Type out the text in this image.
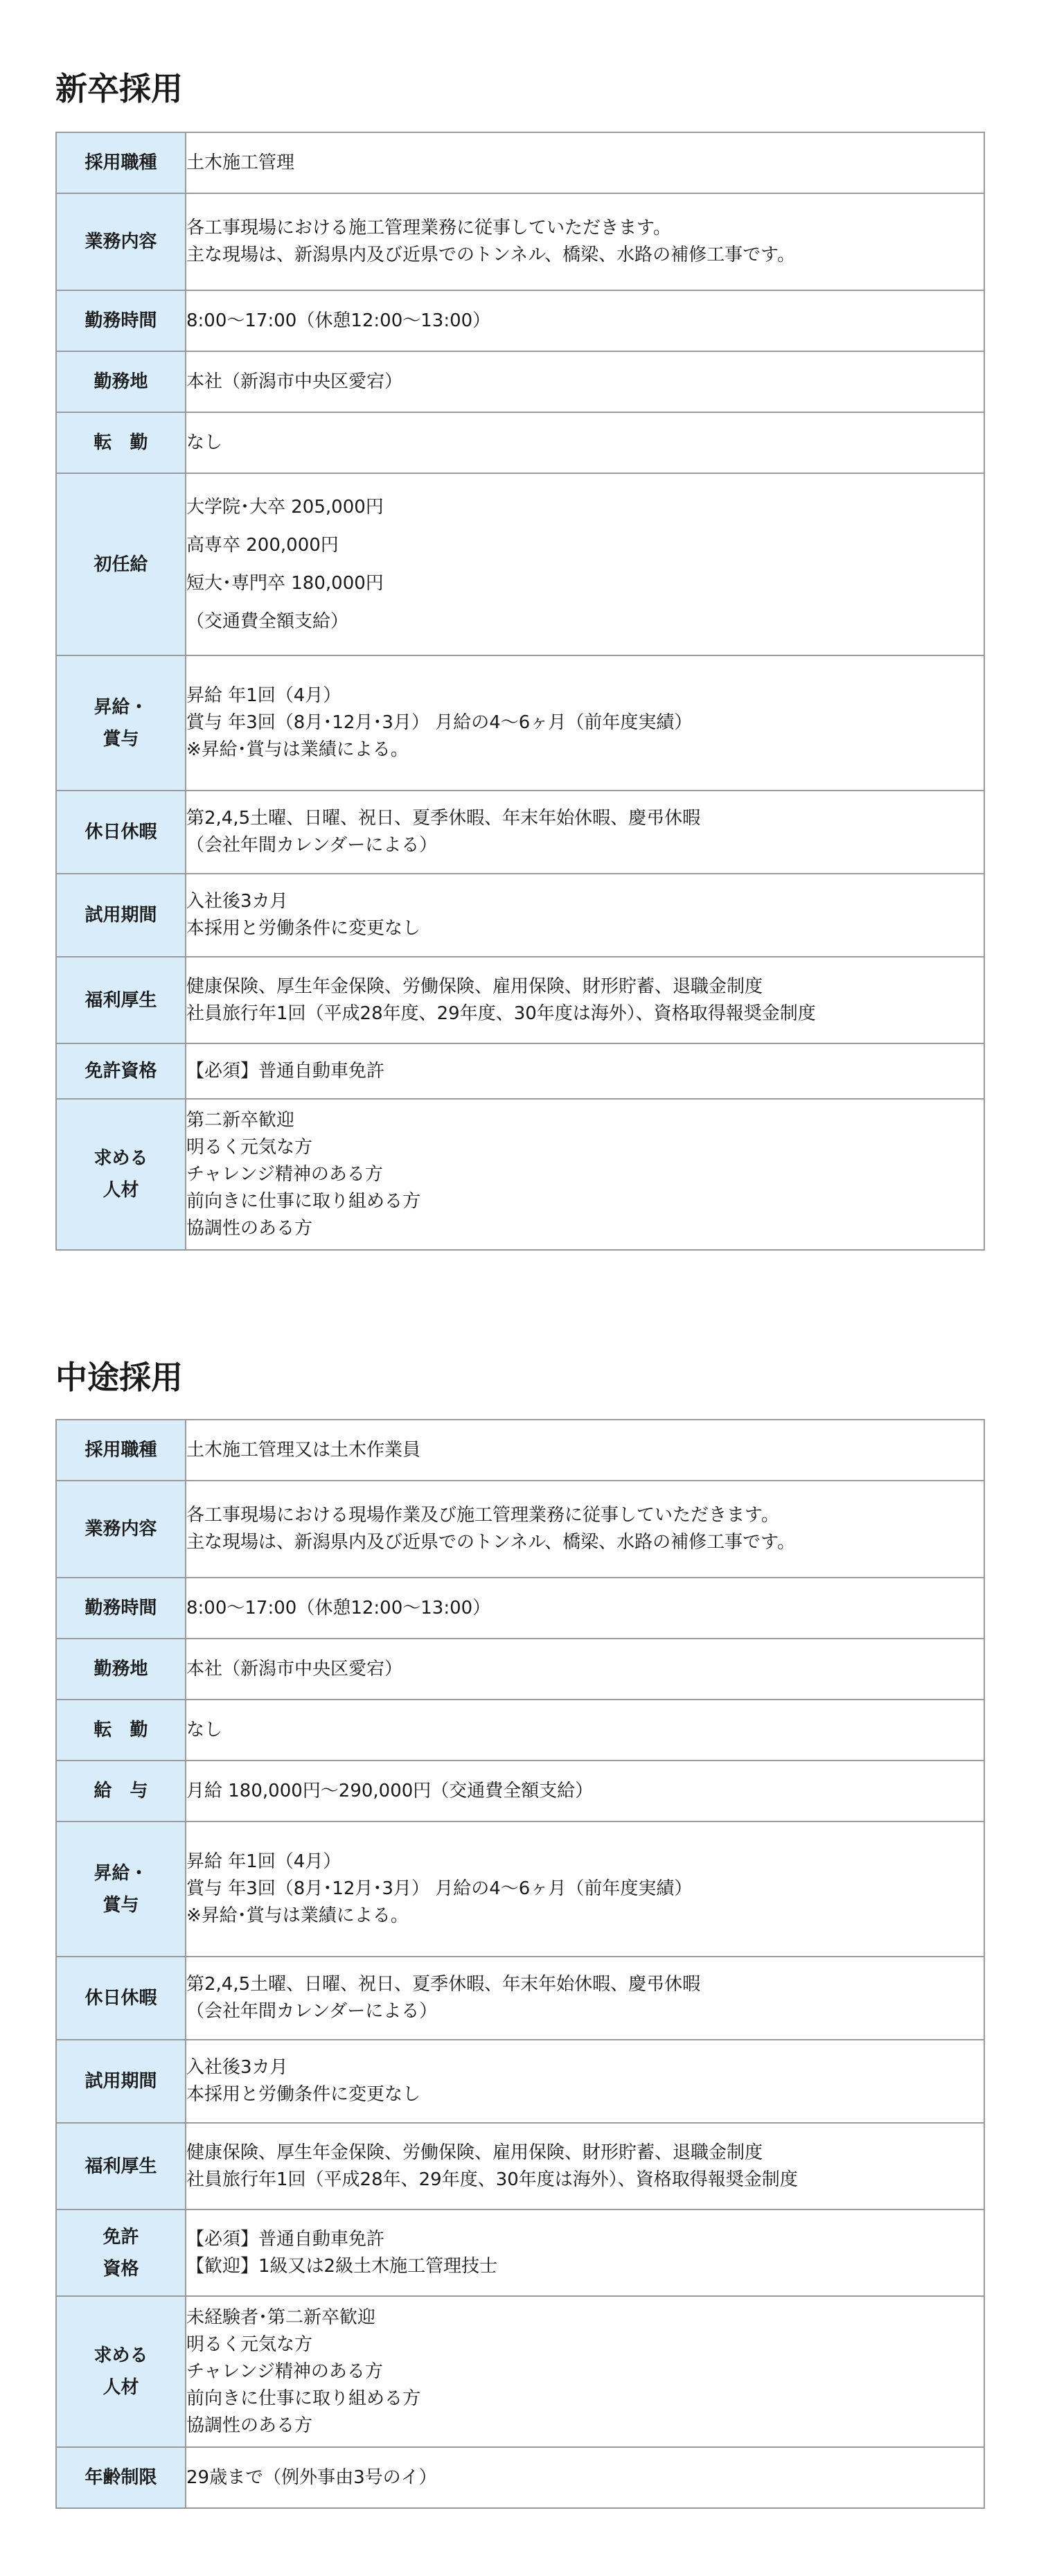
新卒採用
採用職種	土木施工管理

業務内容	各工事現場における施工管理業務に従事していただきます。
主な現場は、新潟県内及び近県でのトンネル、橋梁、水路の補修工事です。

勤務時間	8:00～17:00（休憩12:00～13:00）

勤務地	本社（新潟市中央区愛宕）

転　勤	なし

初任給	大学院･大卒 205,000円
高専卒 200,000円
短大･専門卒 180,000円
（交通費全額支給）

昇給・
賞与	昇給 年1回（4月）
賞与 年3回（8月･12月･3月） 月給の4～6ヶ月（前年度実績）
※昇給･賞与は業績による。

休日休暇	第2,4,5土曜、日曜、祝日、夏季休暇、年末年始休暇、慶弔休暇
（会社年間カレンダーによる）

試用期間	入社後3カ月
本採用と労働条件に変更なし

福利厚生	健康保険、厚生年金保険、労働保険、雇用保険、財形貯蓄、退職金制度
社員旅行年1回（平成28年度、29年度、30年度は海外）、資格取得報奨金制度

免許資格	【必須】普通自動車免許

求める
人材	第二新卒歓迎
明るく元気な方
チャレンジ精神のある方
前向きに仕事に取り組める方
協調性のある方
中途採用
採用職種	土木施工管理又は土木作業員

業務内容	各工事現場における現場作業及び施工管理業務に従事していただきます。
主な現場は、新潟県内及び近県でのトンネル、橋梁、水路の補修工事です。

勤務時間	8:00～17:00（休憩12:00～13:00）

勤務地	本社（新潟市中央区愛宕）

転　勤	なし

給　与	月給 180,000円～290,000円（交通費全額支給）

昇給・
賞与	昇給 年1回（4月）
賞与 年3回（8月･12月･3月） 月給の4～6ヶ月（前年度実績）
※昇給･賞与は業績による。

休日休暇	第2,4,5土曜、日曜、祝日、夏季休暇、年末年始休暇、慶弔休暇
（会社年間カレンダーによる）

試用期間	入社後3カ月
本採用と労働条件に変更なし

福利厚生	健康保険、厚生年金保険、労働保険、雇用保険、財形貯蓄、退職金制度
社員旅行年1回（平成28年、29年度、30年度は海外）、資格取得報奨金制度

免許
資格	【必須】普通自動車免許
【歓迎】1級又は2級土木施工管理技士

求める
人材	未経験者･第二新卒歓迎
明るく元気な方
チャレンジ精神のある方
前向きに仕事に取り組める方
協調性のある方

年齢制限	29歳まで（例外事由3号のイ）
